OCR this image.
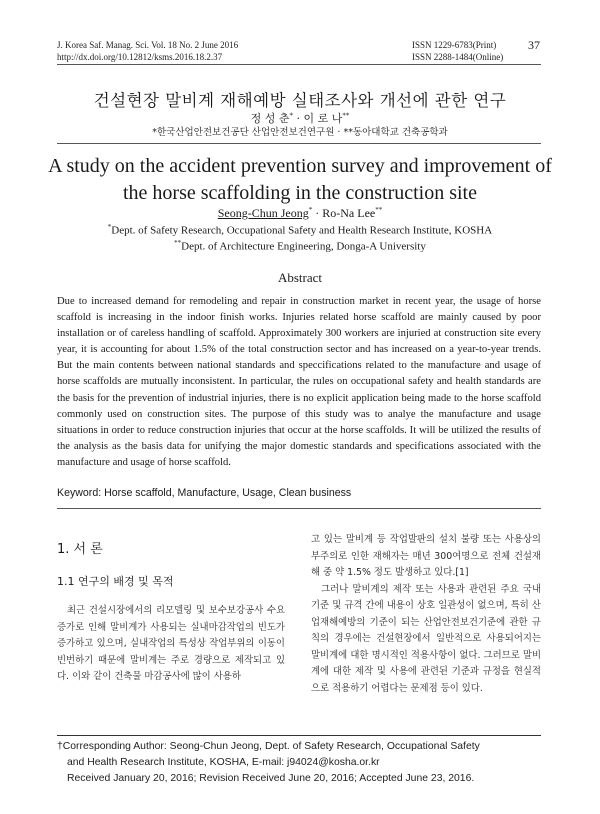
J. Korea Saf. Manag. Sci. Vol. 18 No. 2 June 2016
http://dx.doi.org/10.12812/ksms.2016.18.2.37
ISSN 1229-6783(Print)
ISSN 2288-1484(Online)
37
건설현장 말비계 재해예방 실태조사와 개선에 관한 연구
정 성 춘* · 이 로 나**
*한국산업안전보건공단 산업안전보건연구원 · **동아대학교 건축공학과
A study on the accident prevention survey and improvement of
the horse scaffolding in the construction site
Seong-Chun Jeong* · Ro-Na Lee**
*Dept. of Safety Research, Occupational Safety and Health Research Institute, KOSHA
**Dept. of Architecture Engineering, Donga-A University
Abstract
Due to increased demand for remodeling and repair in construction market in recent year, the usage of horse scaffold is increasing in the indoor finish works. Injuries related horse scaffold are mainly caused by poor installation or of careless handling of scaffold. Approximately 300 workers are injuried at construction site every year, it is accounting for about 1.5% of the total construction sector and has increased on a year-to-year trends. But the main contents between national standards and speccifications related to the manufacture and usage of horse scaffolds are mutually inconsistent. In particular, the rules on occupational safety and health standards are the basis for the prevention of industrial injuries, there is no explicit application being made to the horse scaffold commonly used on construction sites. The purpose of this study was to analye the manufacture and usage situations in order to reduce construction injuries that occur at the horse scaffolds. It will be utilized the results of the analysis as the basis data for unifying the major domestic standards and specifications associated with the manufacture and usage of horse scaffold.
Keyword: Horse scaffold, Manufacture, Usage, Clean business
1. 서 론
1.1 연구의 배경 및 목적
최근 건설시장에서의 리모델링 및 보수보강공사 수요 증가로 인해 말비계가 사용되는 실내마감작업의 빈도가 증가하고 있으며, 실내작업의 특성상 작업부위의 이동이 빈번하기 때문에 말비계는 주로 경량으로 제작되고 있다. 이와 같이 건축물 마감공사에 많이 사용하
고 있는 말비계 등 작업발판의 설치 불량 또는 사용상의 부주의로 인한 재해자는 매년 300여명으로 전체 건설재해 중 약 1.5% 정도 발생하고 있다.[1]
그러나 말비계의 제작 또는 사용과 관련된 주요 국내기준 및 규격 간에 내용이 상호 일관성이 없으며, 특히 산업재해예방의 기준이 되는 산업안전보건기준에 관한 규칙의 경우에는 건설현장에서 일반적으로 사용되어지는 말비계에 대한 명시적인 적용사항이 없다. 그러므로 말비계에 대한 제작 및 사용에 관련된 기준과 규정을 현실적으로 적용하기 어렵다는 문제점 등이 있다.
†Corresponding Author: Seong-Chun Jeong, Dept. of Safety Research, Occupational Safety
and Health Research Institute, KOSHA, E-mail: j94024@kosha.or.kr
Received January 20, 2016; Revision Received June 20, 2016; Accepted June 23, 2016.
